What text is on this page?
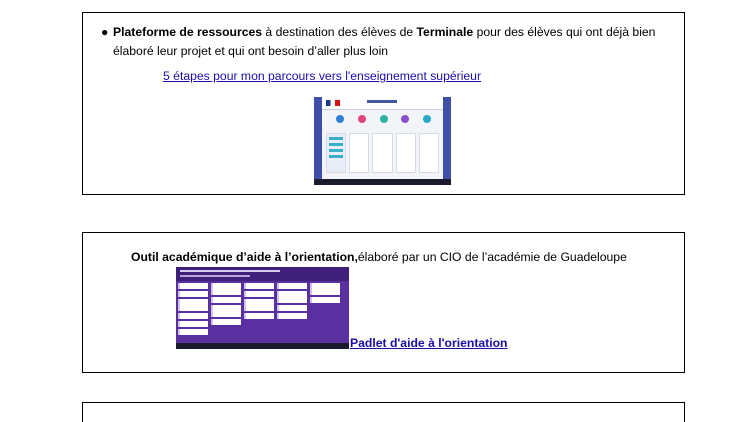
● Plateforme de ressources à destination des élèves de Terminale pour des élèves qui ont déjà bien élaboré leur projet et qui ont besoin d’aller plus loin
5 étapes pour mon parcours vers l'enseignement supérieur
Outil académique d’aide à l’orientation,élaboré par un CIO de l’académie de Guadeloupe
Padlet d'aide à l'orientation
